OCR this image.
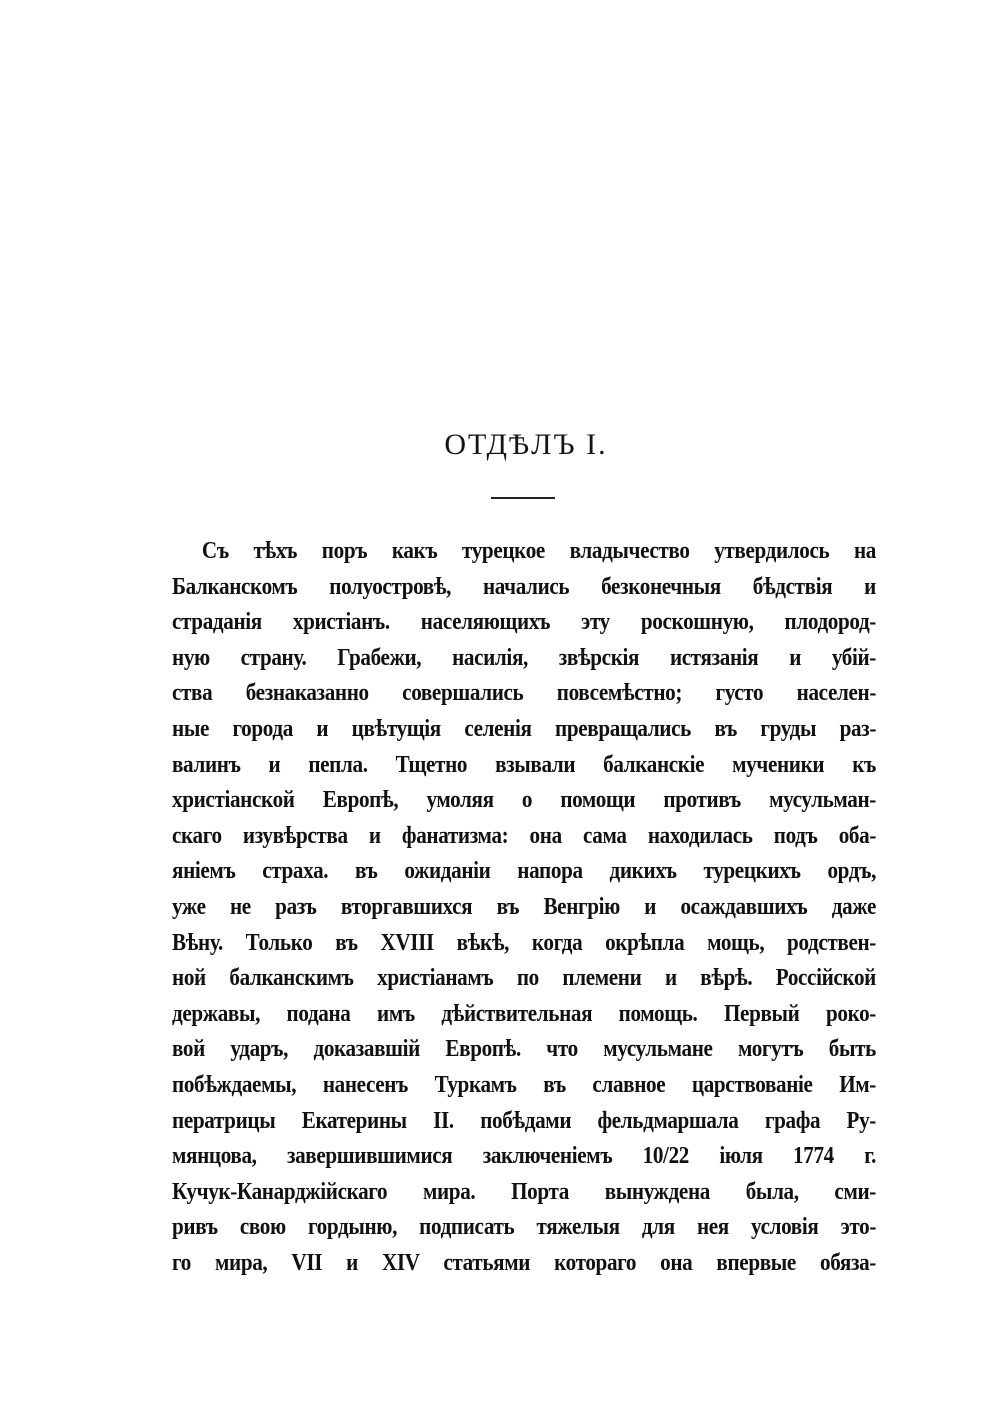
ОТДѢЛЪ I.
Съ тѣхъ поръ какъ турецкое владычество утвердилось на
Балканскомъ полуостровѣ, начались безконечныя бѣдствія и
страданія христіанъ. населяющихъ эту роскошную, плодород-
ную страну. Грабежи, насилія, звѣрскія истязанія и убій-
ства безнаказанно совершались повсемѣстно; густо населен-
ные города и цвѣтущія селенія превращались въ груды раз-
валинъ и пепла. Тщетно взывали балканскіе мученики къ
христіанской Европѣ, умоляя о помощи противъ мусульман-
скаго изувѣрства и фанатизма: она сама находилась подъ оба-
яніемъ страха. въ ожиданіи напора дикихъ турецкихъ ордъ,
уже не разъ вторгавшихся въ Венгрію и осаждавшихъ даже
Вѣну. Только въ XVIII вѣкѣ, когда окрѣпла мощь, родствен-
ной балканскимъ христіанамъ по племени и вѣрѣ. Россійской
державы, подана имъ дѣйствительная помощь. Первый роко-
вой ударъ, доказавшій Европѣ. что мусульмане могутъ быть
побѣждаемы, нанесенъ Туркамъ въ славное царствованіе Им-
ператрицы Екатерины II. побѣдами фельдмаршала графа Ру-
мянцова, завершившимися заключеніемъ 10/22 іюля 1774 г.
Кучук-Канарджійскаго мира. Порта вынуждена была, сми-
ривъ свою гордыню, подписать тяжелыя для нея условія это-
го мира, VII и XIV статьями котораго она впервые обяза-
